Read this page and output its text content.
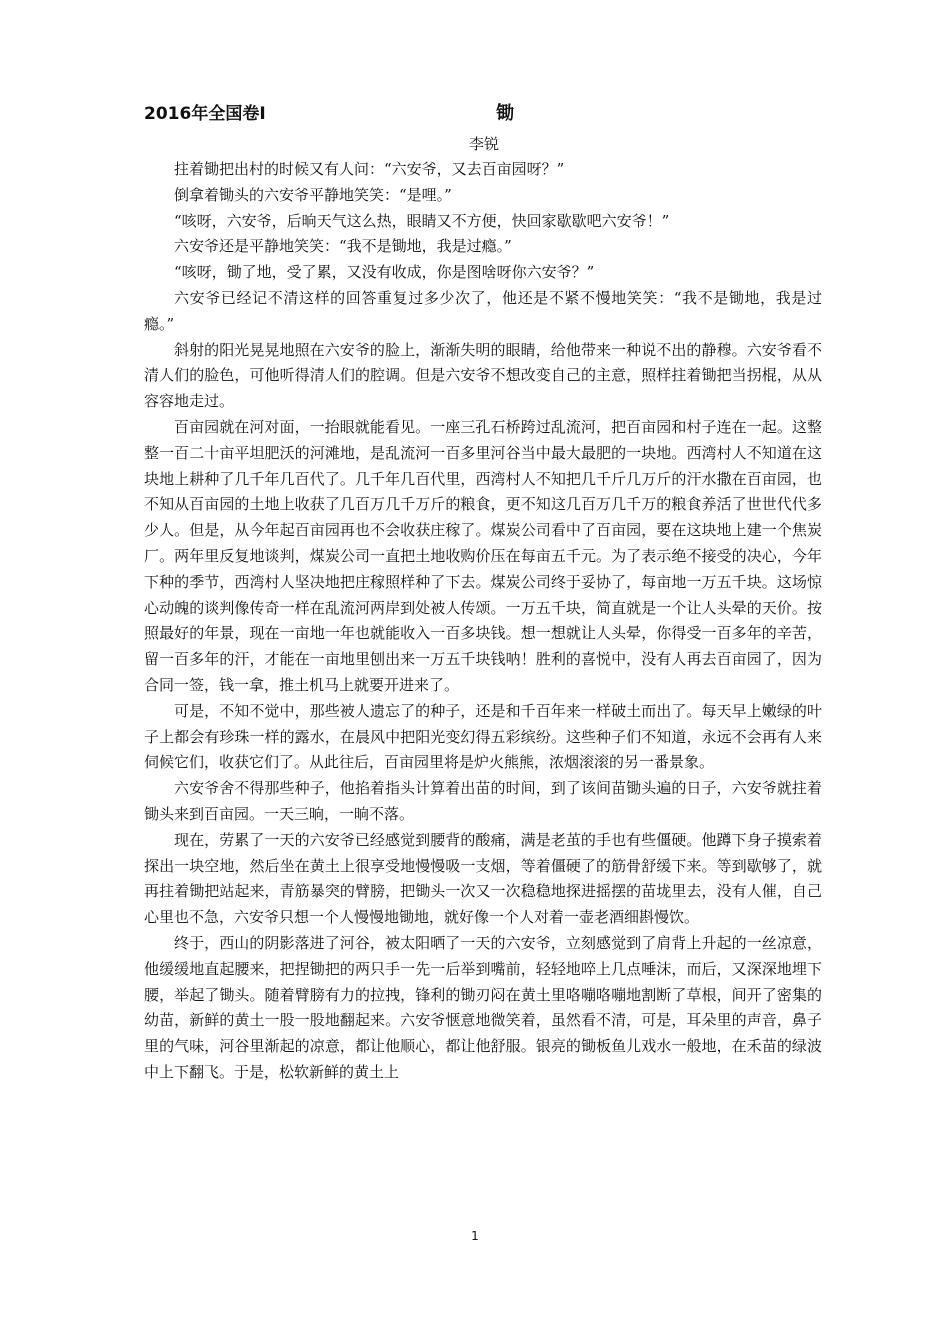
2016年全国卷Ⅰ	锄
李锐

拄着锄把出村的时候又有人问：“六安爷，又去百亩园呀？”

倒拿着锄头的六安爷平静地笑笑：“是哩。”

“咳呀，六安爷，后晌天气这么热，眼睛又不方便，快回家歇歇吧六安爷！”

六安爷还是平静地笑笑：“我不是锄地，我是过瘾。”

“咳呀，锄了地，受了累，又没有收成，你是图啥呀你六安爷？”

六安爷已经记不清这样的回答重复过多少次了，他还是不紧不慢地笑笑：“我不是锄地，我是过瘾。”

斜射的阳光晃晃地照在六安爷的脸上，渐渐失明的眼睛，给他带来一种说不出的静穆。六安爷看不清人们的脸色，可他听得清人们的腔调。但是六安爷不想改变自己的主意，照样拄着锄把当拐棍，从从容容地走过。

百亩园就在河对面，一抬眼就能看见。一座三孔石桥跨过乱流河，把百亩园和村子连在一起。这整整一百二十亩平坦肥沃的河滩地，是乱流河一百多里河谷当中最大最肥的一块地。西湾村人不知道在这块地上耕种了几千年几百代了。几千年几百代里，西湾村人不知把几千斤几万斤的汗水撒在百亩园，也不知从百亩园的土地上收获了几百万几千万斤的粮食，更不知这几百万几千万的粮食养活了世世代代多少人。但是，从今年起百亩园再也不会收获庄稼了。煤炭公司看中了百亩园，要在这块地上建一个焦炭厂。两年里反复地谈判，煤炭公司一直把土地收购价压在每亩五千元。为了表示绝不接受的决心，今年下种的季节，西湾村人坚决地把庄稼照样种了下去。煤炭公司终于妥协了，每亩地一万五千块。这场惊心动魄的谈判像传奇一样在乱流河两岸到处被人传颂。一万五千块，简直就是一个让人头晕的天价。按照最好的年景，现在一亩地一年也就能收入一百多块钱。想一想就让人头晕，你得受一百多年的辛苦，留一百多年的汗，才能在一亩地里刨出来一万五千块钱呐！胜利的喜悦中，没有人再去百亩园了，因为合同一签，钱一拿，推土机马上就要开进来了。

可是，不知不觉中，那些被人遗忘了的种子，还是和千百年来一样破土而出了。每天早上嫩绿的叶子上都会有珍珠一样的露水，在晨风中把阳光变幻得五彩缤纷。这些种子们不知道，永远不会再有人来伺候它们，收获它们了。从此往后，百亩园里将是炉火熊熊，浓烟滚滚的另一番景象。

六安爷舍不得那些种子，他掐着指头计算着出苗的时间，到了该间苗锄头遍的日子，六安爷就拄着锄头来到百亩园。一天三晌，一晌不落。

现在，劳累了一天的六安爷已经感觉到腰背的酸痛，满是老茧的手也有些僵硬。他蹲下身子摸索着探出一块空地，然后坐在黄土上很享受地慢慢吸一支烟，等着僵硬了的筋骨舒缓下来。等到歇够了，就再拄着锄把站起来，青筋暴突的臂膀，把锄头一次又一次稳稳地探进摇摆的苗垅里去，没有人催，自己心里也不急，六安爷只想一个人慢慢地锄地，就好像一个人对着一壶老酒细斟慢饮。

终于，西山的阴影落进了河谷，被太阳晒了一天的六安爷，立刻感觉到了肩背上升起的一丝凉意，他缓缓地直起腰来，把捏锄把的两只手一先一后举到嘴前，轻轻地啐上几点唾沫，而后，又深深地埋下腰，举起了锄头。随着臂膀有力的拉拽，锋利的锄刃闷在黄土里咯嘣咯嘣地割断了草根，间开了密集的幼苗，新鲜的黄土一股一股地翻起来。六安爷惬意地微笑着，虽然看不清，可是，耳朵里的声音，鼻子里的气味，河谷里渐起的凉意，都让他顺心，都让他舒服。银亮的锄板鱼儿戏水一般地，在禾苗的绿波中上下翻飞。于是，松软新鲜的黄土上

1
